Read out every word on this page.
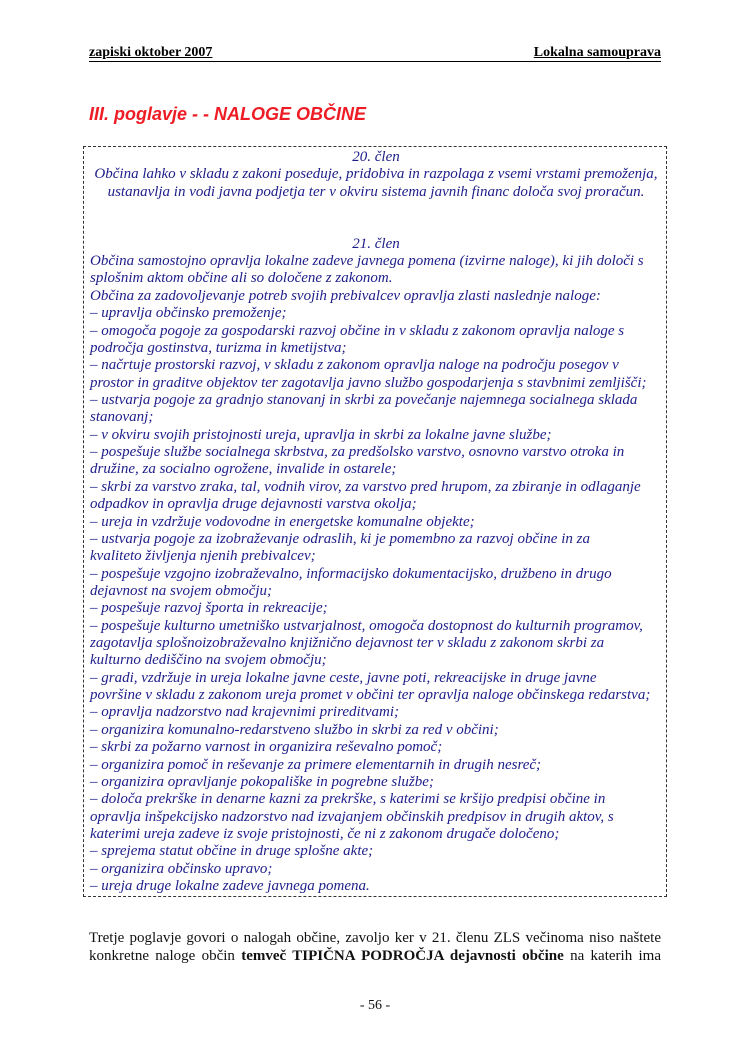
zapiski oktober 2007	Lokalna samouprava
III. poglavje - - NALOGE OBČINE
20. člen
Občina lahko v skladu z zakoni poseduje, pridobiva in razpolaga z vsemi vrstami premoženja,
ustanavlja in vodi javna podjetja ter v okviru sistema javnih financ določa svoj proračun.
21. člen
Občina samostojno opravlja lokalne zadeve javnega pomena (izvirne naloge), ki jih določi s
splošnim aktom občine ali so določene z zakonom.
Občina za zadovoljevanje potreb svojih prebivalcev opravlja zlasti naslednje naloge:
– upravlja občinsko premoženje;
– omogoča pogoje za gospodarski razvoj občine in v skladu z zakonom opravlja naloge s
področja gostinstva, turizma in kmetijstva;
– načrtuje prostorski razvoj, v skladu z zakonom opravlja naloge na področju posegov v
prostor in graditve objektov ter zagotavlja javno službo gospodarjenja s stavbnimi zemljišči;
– ustvarja pogoje za gradnjo stanovanj in skrbi za povečanje najemnega socialnega sklada
stanovanj;
– v okviru svojih pristojnosti ureja, upravlja in skrbi za lokalne javne službe;
– pospešuje službe socialnega skrbstva, za predšolsko varstvo, osnovno varstvo otroka in
družine, za socialno ogrožene, invalide in ostarele;
– skrbi za varstvo zraka, tal, vodnih virov, za varstvo pred hrupom, za zbiranje in odlaganje
odpadkov in opravlja druge dejavnosti varstva okolja;
– ureja in vzdržuje vodovodne in energetske komunalne objekte;
– ustvarja pogoje za izobraževanje odraslih, ki je pomembno za razvoj občine in za
kvaliteto življenja njenih prebivalcev;
– pospešuje vzgojno izobraževalno, informacijsko dokumentacijsko, družbeno in drugo
dejavnost na svojem območju;
– pospešuje razvoj športa in rekreacije;
– pospešuje kulturno umetniško ustvarjalnost, omogoča dostopnost do kulturnih programov,
zagotavlja splošnoizobraževalno knjižnično dejavnost ter v skladu z zakonom skrbi za
kulturno dediščino na svojem območju;
– gradi, vzdržuje in ureja lokalne javne ceste, javne poti, rekreacijske in druge javne
površine v skladu z zakonom ureja promet v občini ter opravlja naloge občinskega redarstva;
– opravlja nadzorstvo nad krajevnimi prireditvami;
– organizira komunalno-redarstveno službo in skrbi za red v občini;
– skrbi za požarno varnost in organizira reševalno pomoč;
– organizira pomoč in reševanje za primere elementarnih in drugih nesreč;
– organizira opravljanje pokopališke in pogrebne službe;
– določa prekrške in denarne kazni za prekrške, s katerimi se kršijo predpisi občine in
opravlja inšpekcijsko nadzorstvo nad izvajanjem občinskih predpisov in drugih aktov, s
katerimi ureja zadeve iz svoje pristojnosti, če ni z zakonom drugače določeno;
– sprejema statut občine in druge splošne akte;
– organizira občinsko upravo;
– ureja druge lokalne zadeve javnega pomena.
Tretje poglavje govori o nalogah občine, zavoljo ker v 21. členu ZLS večinoma niso naštete
konkretne naloge občin temveč TIPIČNA PODROČJA dejavnosti občine na katerih ima
- 56 -
